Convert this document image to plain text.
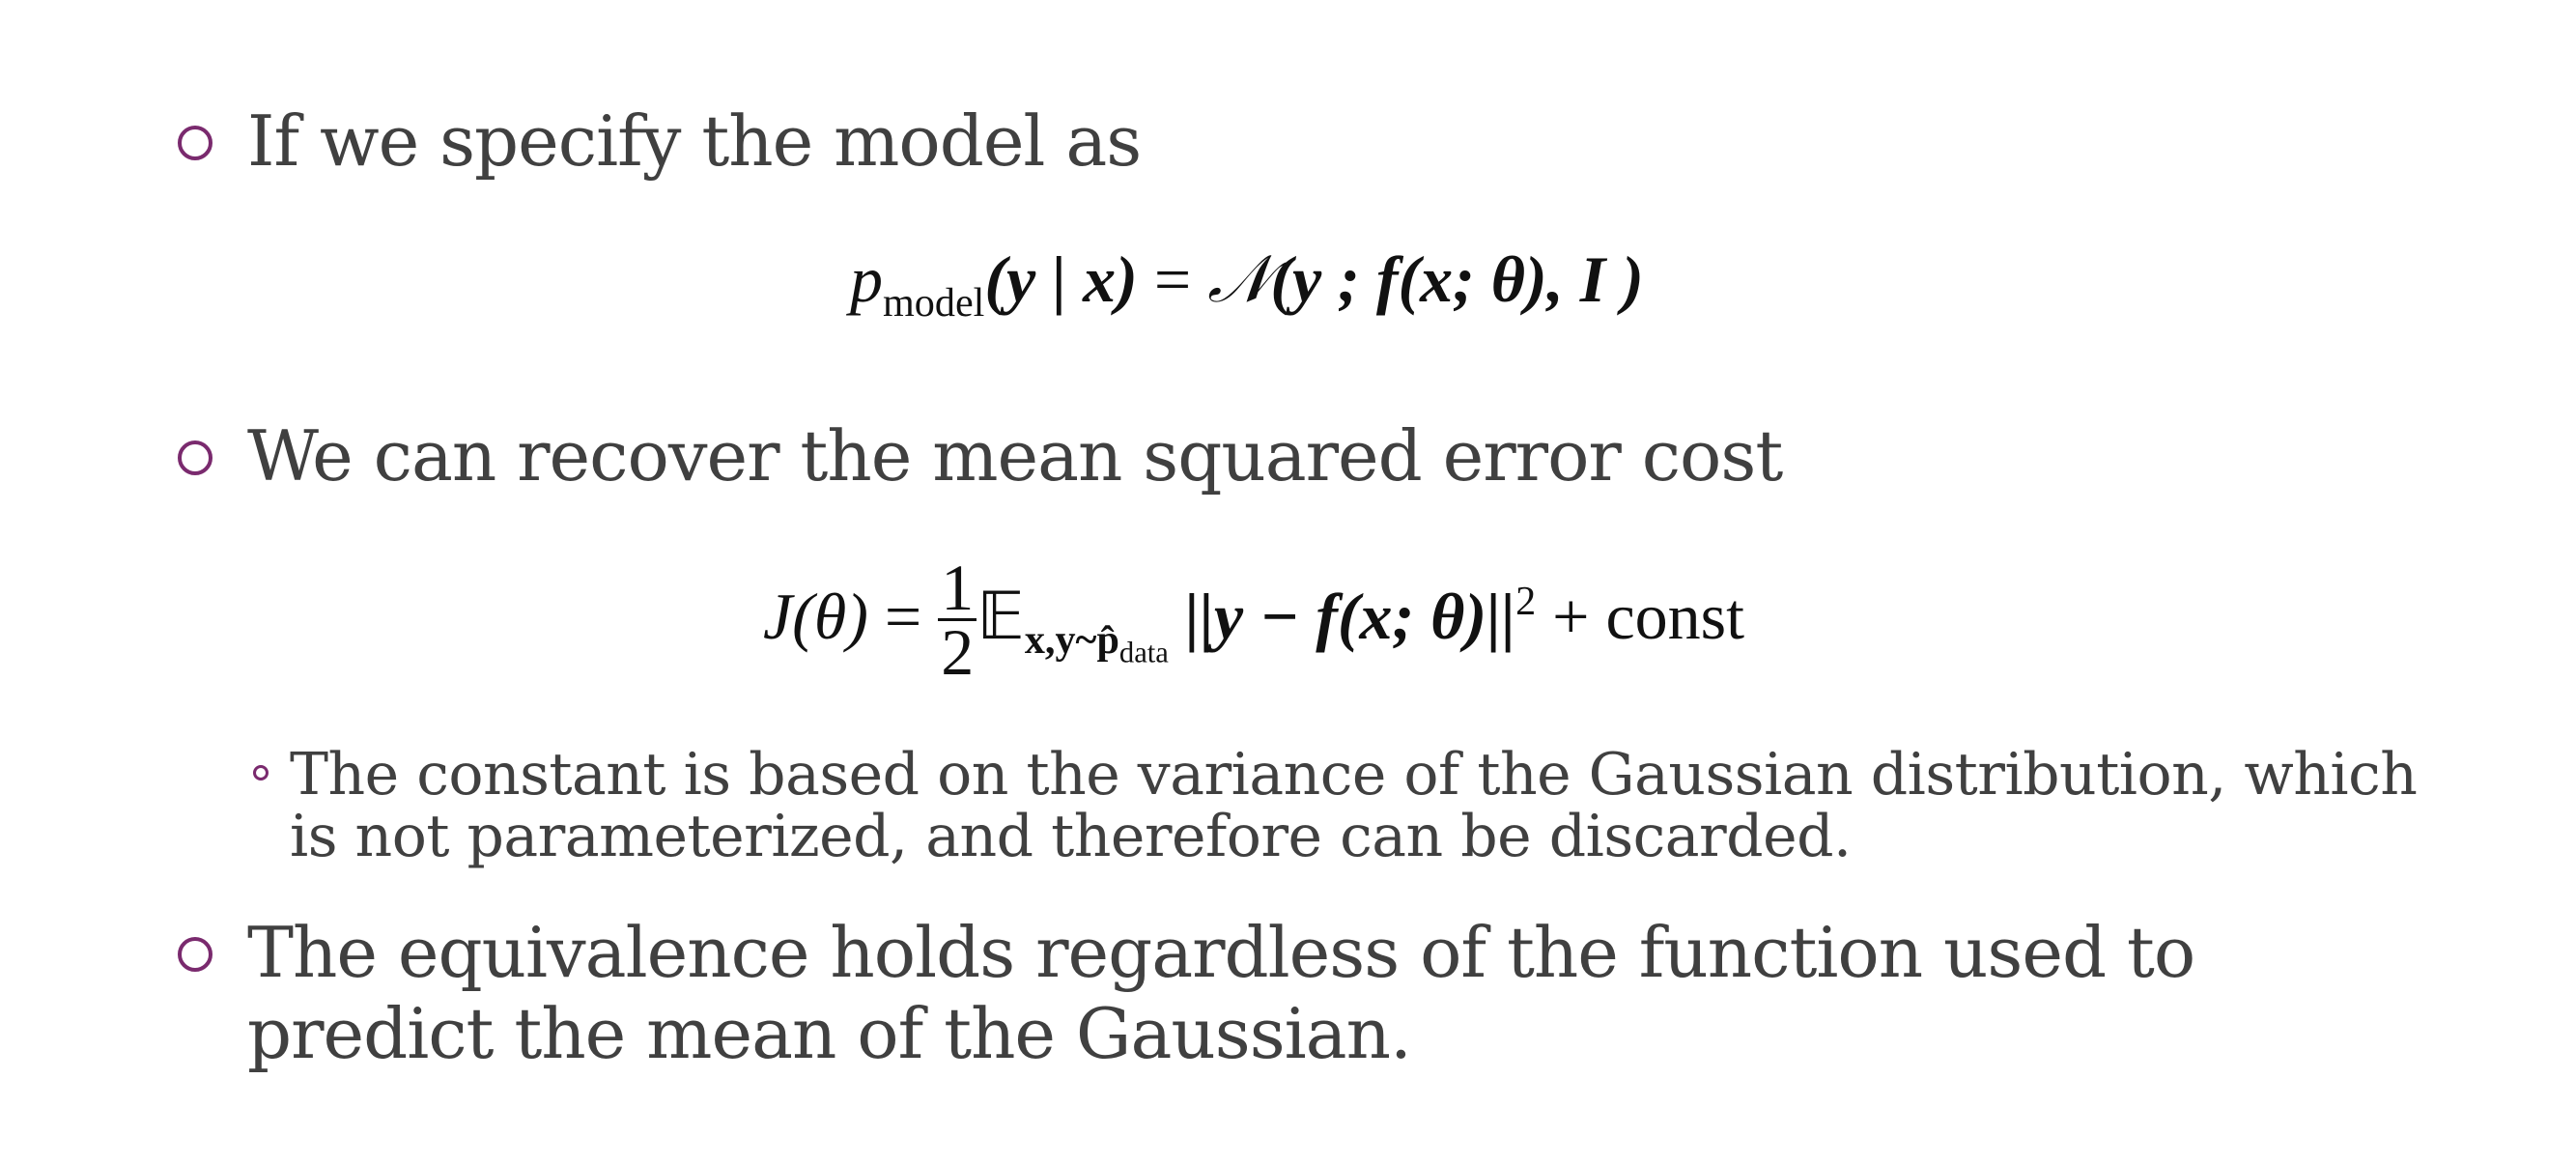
If we specify the model as
$p_{model}(y$ | x) = 𝒩(y ; f(x; θ), I )
We can recover the mean squared error cost
$J(\theta) = \frac{1}{2}$ 𝔼$_{x,y\sim p̂data}$ ||y − f(x; $\theta)||^2$ + const
The constant is based on the variance of the Gaussian distribution, which is not parameterized, and therefore can be discarded.
The equivalence holds regardless of the function used to predict the mean of the Gaussian.
